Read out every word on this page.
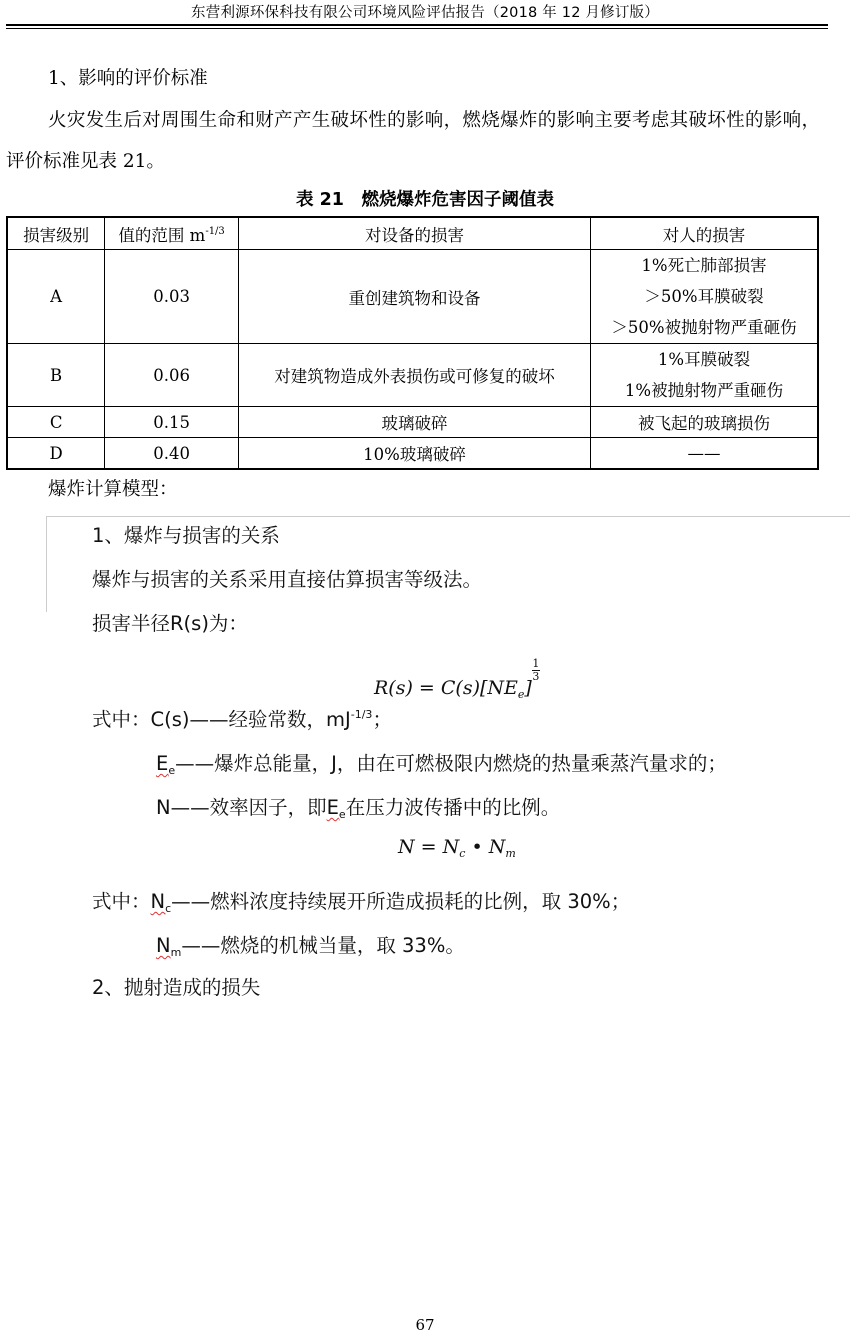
东营利源环保科技有限公司环境风险评估报告（2018 年 12 月修订版）
1、影响的评价标准
火灾发生后对周围生命和财产产生破坏性的影响，燃烧爆炸的影响主要考虑其破坏性的影响，评价标准见表 21。
表 21　燃烧爆炸危害因子阈值表
损害级别	值的范围 $m^{-1/3}$	对设备的损害	对人的损害
A	0.03	重创建筑物和设备	1%死亡肺部损害
＞50%耳膜破裂
＞50%被抛射物严重砸伤

B	0.06	对建筑物造成外表损伤或可修复的破坏	1%耳膜破裂
1%被抛射物严重砸伤

C	0.15	玻璃破碎	被飞起的玻璃损伤
D	0.40	10%玻璃破碎	——
爆炸计算模型：
1、爆炸与损害的关系
爆炸与损害的关系采用直接估算损害等级法。
损害半径R(s)为：
$R(s) = C(s)[NE_e]$
$\frac{1}{3}$
式中：C(s)——经验常数，$mJ^{-1/3}$；
$E_e——$爆炸总能量，J，由在可燃极限内燃烧的热量乘蒸汽量求的；
N——效率因子，即$E_e$在压力波传播中的比例。
$N = N_c$ • $N_m$
式中：$N_c——$燃料浓度持续展开所造成损耗的比例，取 30%；
$N_m——$燃烧的机械当量，取 33%。
2、抛射造成的损失
67
